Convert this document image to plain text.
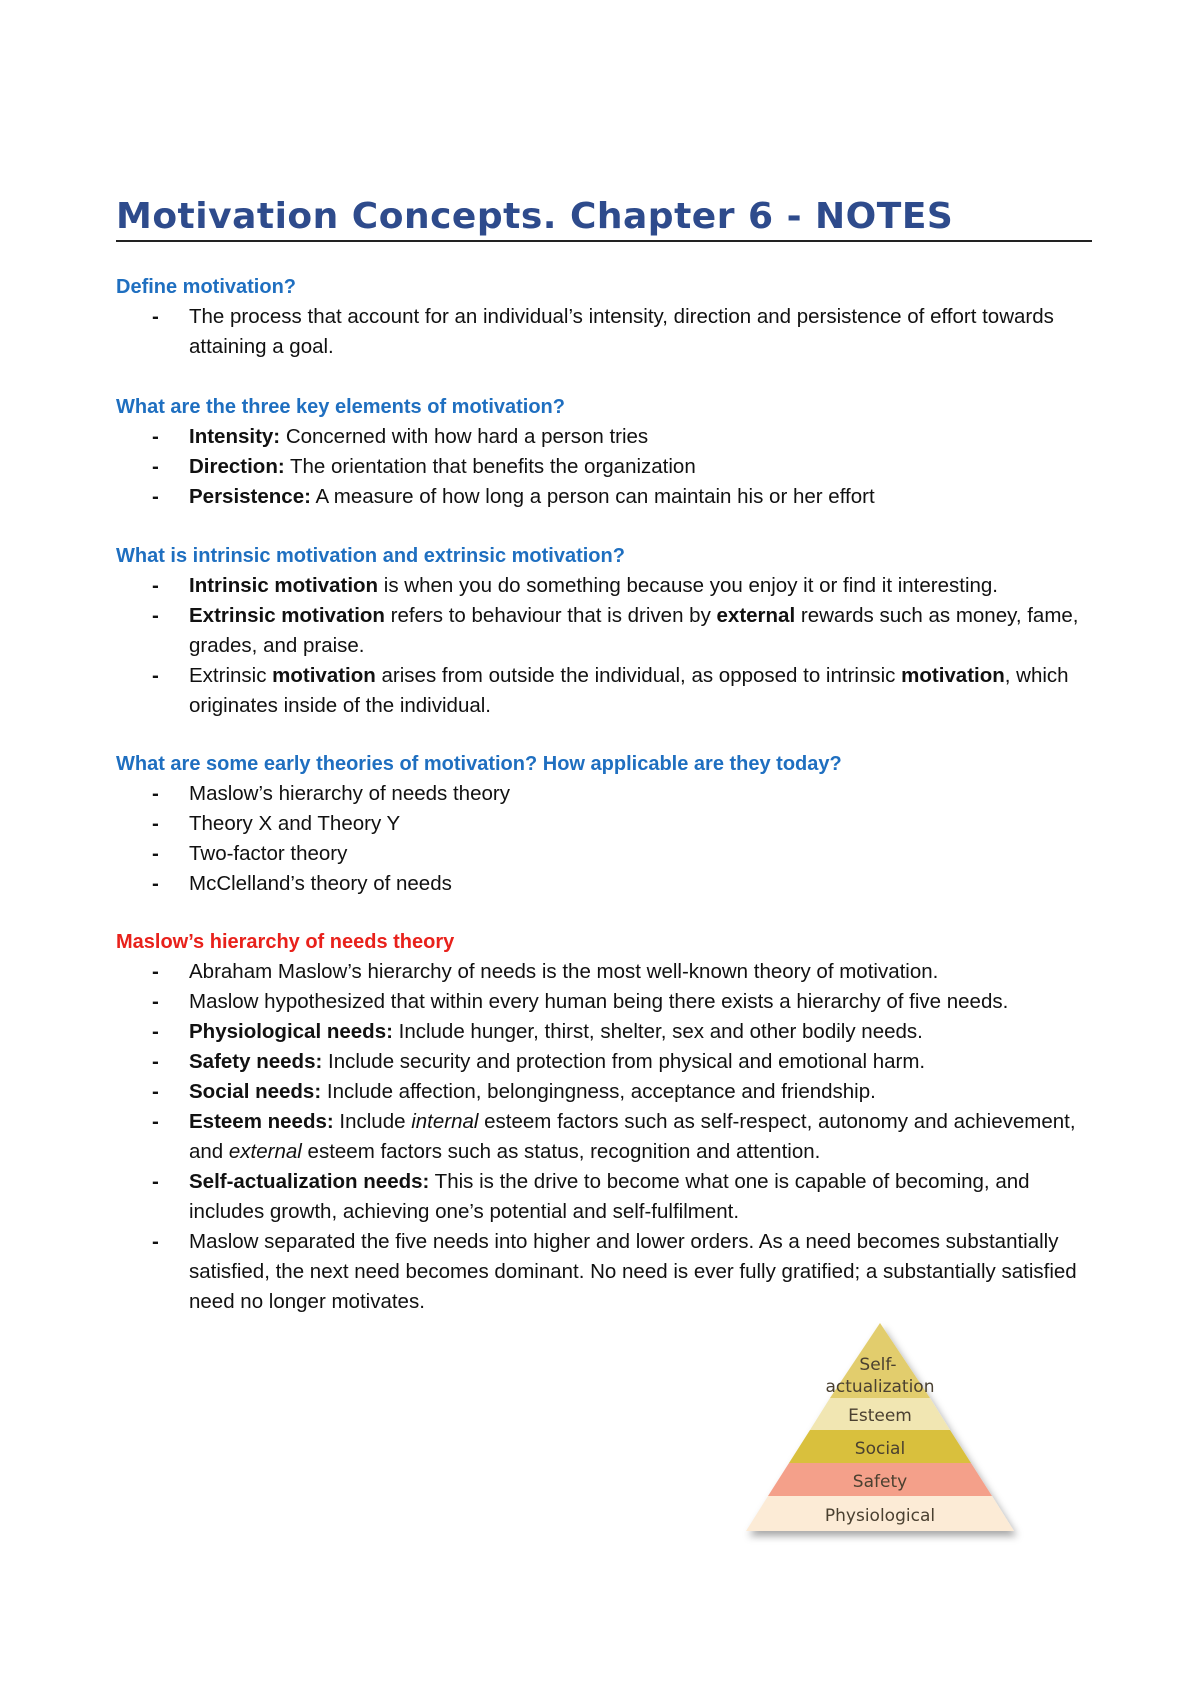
Motivation Concepts. Chapter 6 - NOTES
Define motivation?
- The process that account for an individual’s intensity, direction and persistence of effort towards attaining a goal.
What are the three key elements of motivation?
- Intensity: Concerned with how hard a person tries
- Direction: The orientation that benefits the organization
- Persistence: A measure of how long a person can maintain his or her effort
What is intrinsic motivation and extrinsic motivation?
- Intrinsic motivation is when you do something because you enjoy it or find it interesting.
- Extrinsic motivation refers to behaviour that is driven by external rewards such as money, fame, grades, and praise.
- Extrinsic motivation arises from outside the individual, as opposed to intrinsic motivation, which originates inside of the individual.
What are some early theories of motivation? How applicable are they today?
- Maslow’s hierarchy of needs theory
- Theory X and Theory Y
- Two-factor theory
- McClelland’s theory of needs
Maslow’s hierarchy of needs theory
- Abraham Maslow’s hierarchy of needs is the most well-known theory of motivation.
- Maslow hypothesized that within every human being there exists a hierarchy of five needs.
- Physiological needs: Include hunger, thirst, shelter, sex and other bodily needs.
- Safety needs: Include security and protection from physical and emotional harm.
- Social needs: Include affection, belongingness, acceptance and friendship.
- Esteem needs: Include internal esteem factors such as self-respect, autonomy and achievement, and external esteem factors such as status, recognition and attention.
- Self-actualization needs: This is the drive to become what one is capable of becoming, and includes growth, achieving one’s potential and self-fulfilment.
- Maslow separated the five needs into higher and lower orders. As a need becomes substantially satisfied, the next need becomes dominant. No need is ever fully gratified; a substantially satisfied need no longer motivates.
Self-
actualization
Esteem
Social
Safety
Physiological
